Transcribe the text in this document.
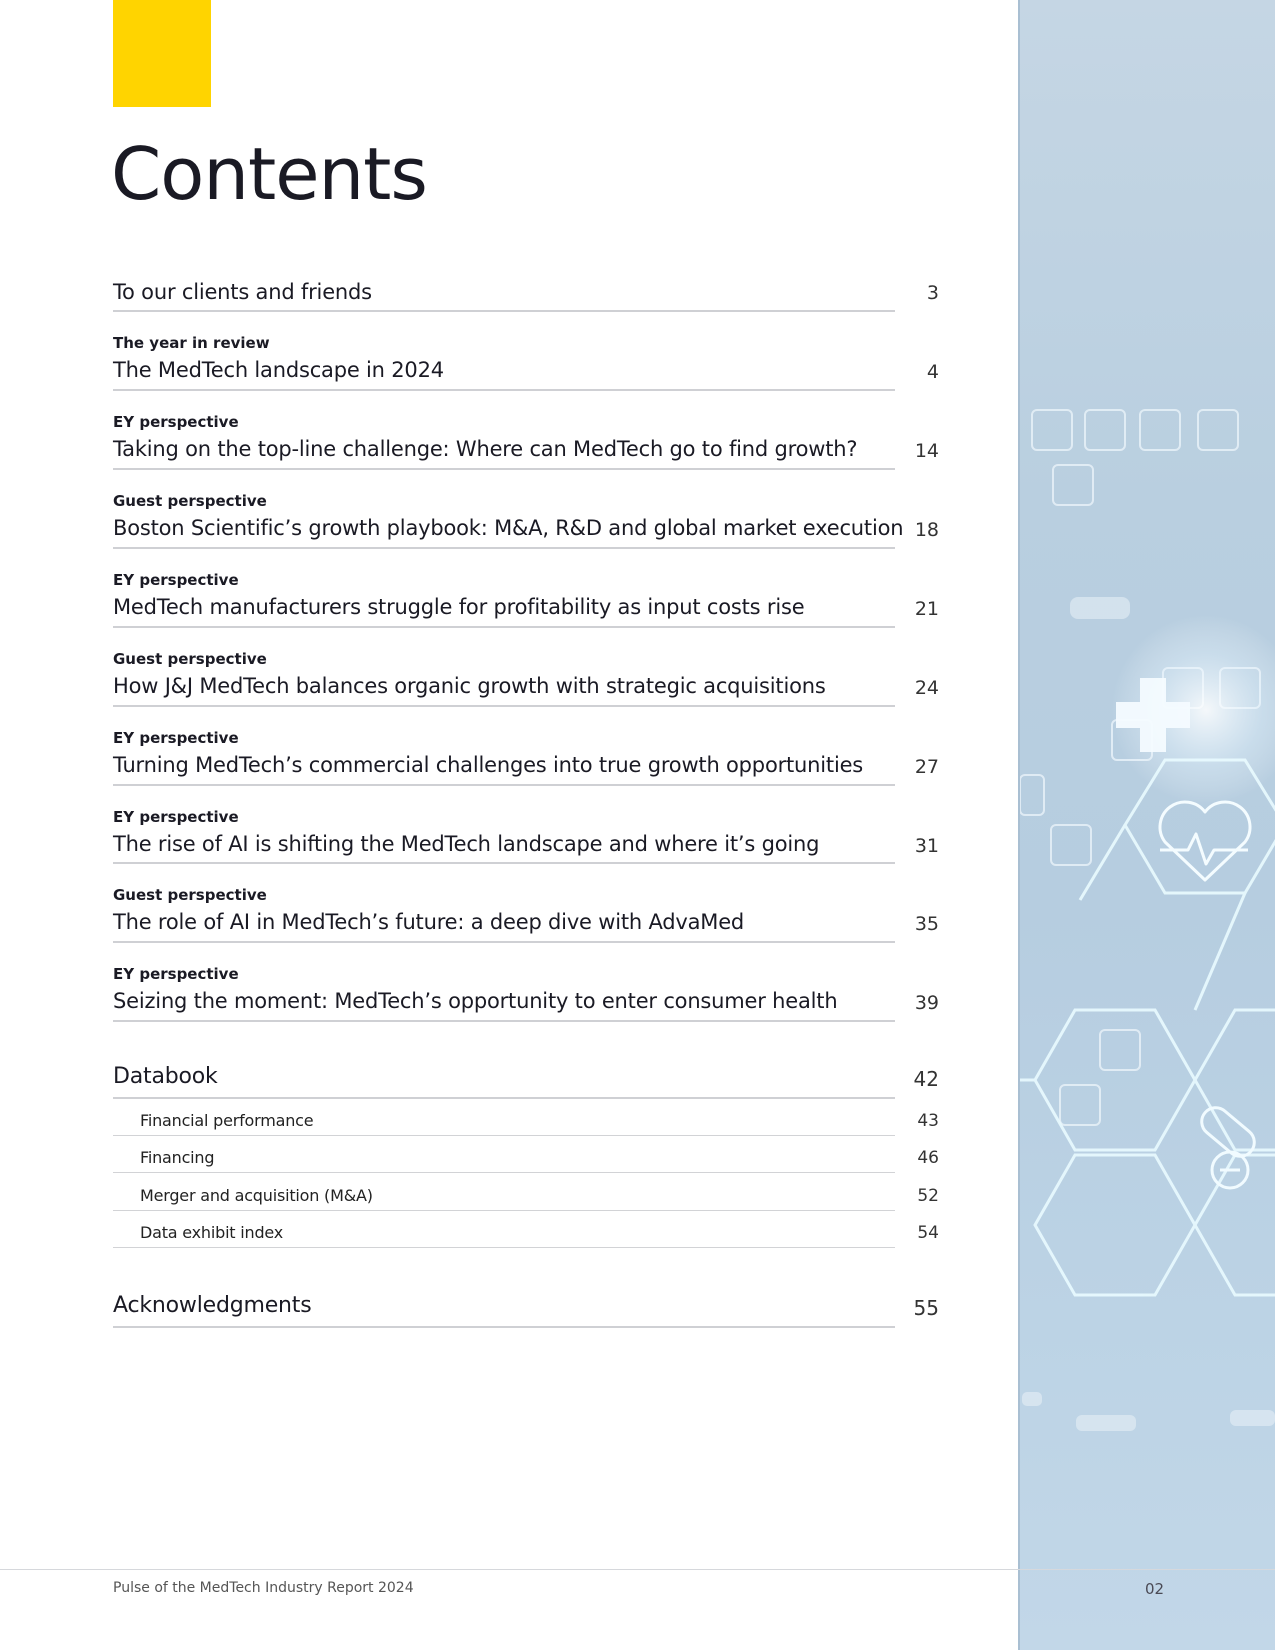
Contents
To our clients and friends	3
The year in review
The MedTech landscape in 2024	4
EY perspective
Taking on the top-line challenge: Where can MedTech go to find growth?	14
Guest perspective
Boston Scientific’s growth playbook: M&A, R&D and global market execution 18
EY perspective
MedTech manufacturers struggle for profitability as input costs rise	21
Guest perspective
How J&J MedTech balances organic growth with strategic acquisitions	24
EY perspective
Turning MedTech’s commercial challenges into true growth opportunities	27
EY perspective
The rise of AI is shifting the MedTech landscape and where it’s going	31
Guest perspective
The role of AI in MedTech’s future: a deep dive with AdvaMed	35
EY perspective
Seizing the moment: MedTech’s opportunity to enter consumer health	39
Databook	42
Financial performance	43
Financing	46
Merger and acquisition (M&A)	52
Data exhibit index	54
Acknowledgments	55
Pulse of the MedTech Industry Report 2024	02
